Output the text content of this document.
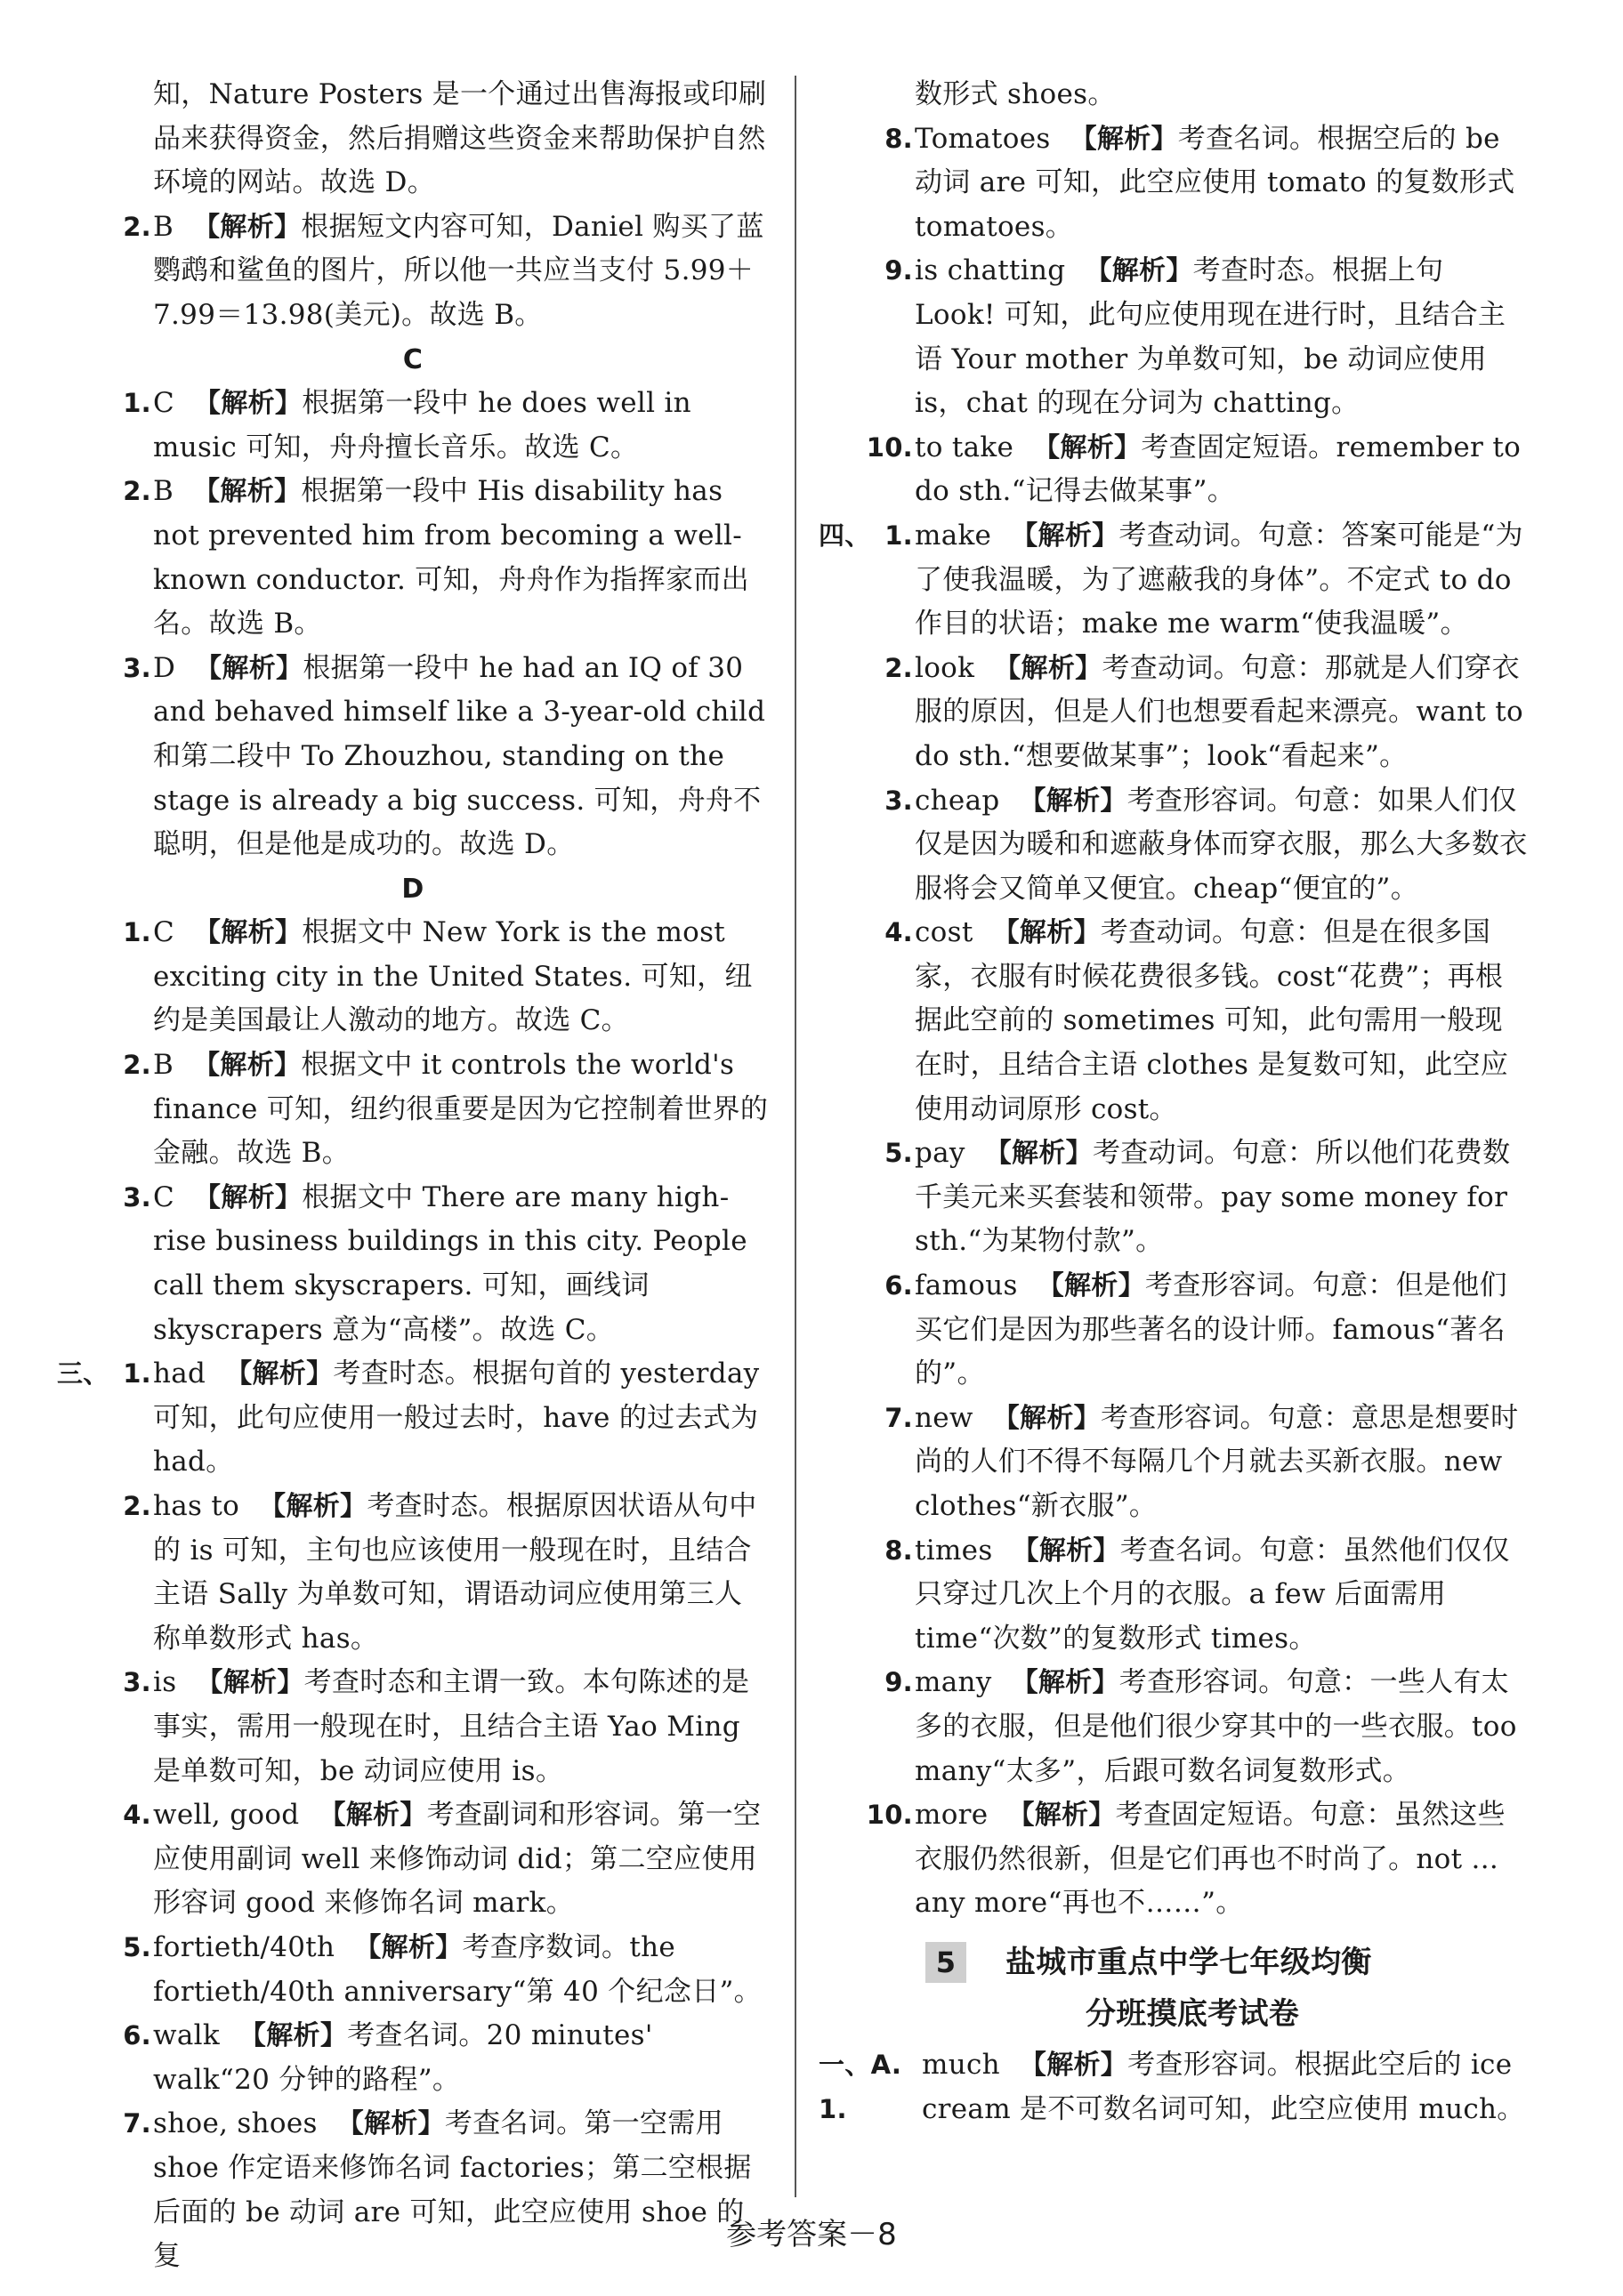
知，Nature Posters 是一个通过出售海报或印刷品来获得资金，然后捐赠这些资金来帮助保护自然环境的网站。故选 D。
2. B 【解析】根据短文内容可知，Daniel 购买了蓝鹦鹉和鲨鱼的图片，所以他一共应当支付 5.99＋7.99＝13.98(美元)。故选 B。
C
1. C 【解析】根据第一段中 he does well in music 可知，舟舟擅长音乐。故选 C。
2. B 【解析】根据第一段中 His disability has not prevented him from becoming a well-known conductor. 可知，舟舟作为指挥家而出名。故选 B。
3. D 【解析】根据第一段中 he had an IQ of 30 and behaved himself like a 3-year-old child 和第二段中 To Zhouzhou, standing on the stage is already a big success. 可知，舟舟不聪明，但是他是成功的。故选 D。
D
1. C 【解析】根据文中 New York is the most exciting city in the United States. 可知，纽约是美国最让人激动的地方。故选 C。
2. B 【解析】根据文中 it controls the world's finance 可知，纽约很重要是因为它控制着世界的金融。故选 B。
3. C 【解析】根据文中 There are many high-rise business buildings in this city. People call them skyscrapers. 可知，画线词 skyscrapers 意为“高楼”。故选 C。
三、 1. had 【解析】考查时态。根据句首的 yesterday 可知，此句应使用一般过去时，have 的过去式为 had。
2. has to 【解析】考查时态。根据原因状语从句中的 is 可知，主句也应该使用一般现在时，且结合主语 Sally 为单数可知，谓语动词应使用第三人称单数形式 has。
3. is 【解析】考查时态和主谓一致。本句陈述的是事实，需用一般现在时，且结合主语 Yao Ming 是单数可知，be 动词应使用 is。
4. well, good 【解析】考查副词和形容词。第一空应使用副词 well 来修饰动词 did；第二空应使用形容词 good 来修饰名词 mark。
5. fortieth/40th 【解析】考查序数词。the fortieth/40th anniversary“第 40 个纪念日”。
6. walk 【解析】考查名词。20 minutes' walk“20 分钟的路程”。
7. shoe, shoes 【解析】考查名词。第一空需用 shoe 作定语来修饰名词 factories；第二空根据后面的 be 动词 are 可知，此空应使用 shoe 的复
数形式 shoes。
8. Tomatoes 【解析】考查名词。根据空后的 be 动词 are 可知，此空应使用 tomato 的复数形式 tomatoes。
9. is chatting 【解析】考查时态。根据上句 Look! 可知，此句应使用现在进行时，且结合主语 Your mother 为单数可知，be 动词应使用 is，chat 的现在分词为 chatting。
10. to take 【解析】考查固定短语。remember to do sth.“记得去做某事”。
四、 1. make 【解析】考查动词。句意：答案可能是“为了使我温暖，为了遮蔽我的身体”。不定式 to do 作目的状语；make me warm“使我温暖”。
2. look 【解析】考查动词。句意：那就是人们穿衣服的原因，但是人们也想要看起来漂亮。want to do sth.“想要做某事”；look“看起来”。
3. cheap 【解析】考查形容词。句意：如果人们仅仅是因为暖和和遮蔽身体而穿衣服，那么大多数衣服将会又简单又便宜。cheap“便宜的”。
4. cost 【解析】考查动词。句意：但是在很多国家，衣服有时候花费很多钱。cost“花费”；再根据此空前的 sometimes 可知，此句需用一般现在时，且结合主语 clothes 是复数可知，此空应使用动词原形 cost。
5. pay 【解析】考查动词。句意：所以他们花费数千美元来买套装和领带。pay some money for sth.“为某物付款”。
6. famous 【解析】考查形容词。句意：但是他们买它们是因为那些著名的设计师。famous“著名的”。
7. new 【解析】考查形容词。句意：意思是想要时尚的人们不得不每隔几个月就去买新衣服。new clothes“新衣服”。
8. times 【解析】考查名词。句意：虽然他们仅仅只穿过几次上个月的衣服。a few 后面需用 time“次数”的复数形式 times。
9. many 【解析】考查形容词。句意：一些人有太多的衣服，但是他们很少穿其中的一些衣服。too many“太多”，后跟可数名词复数形式。
10. more 【解析】考查固定短语。句意：虽然这些衣服仍然很新，但是它们再也不时尚了。not ... any more“再也不……”。
5	盐城市重点中学七年级均衡
分班摸底考试卷
一、A. 1.
much 【解析】考查形容词。根据此空后的 ice cream 是不可数名词可知，此空应使用 much。
参考答案－8
